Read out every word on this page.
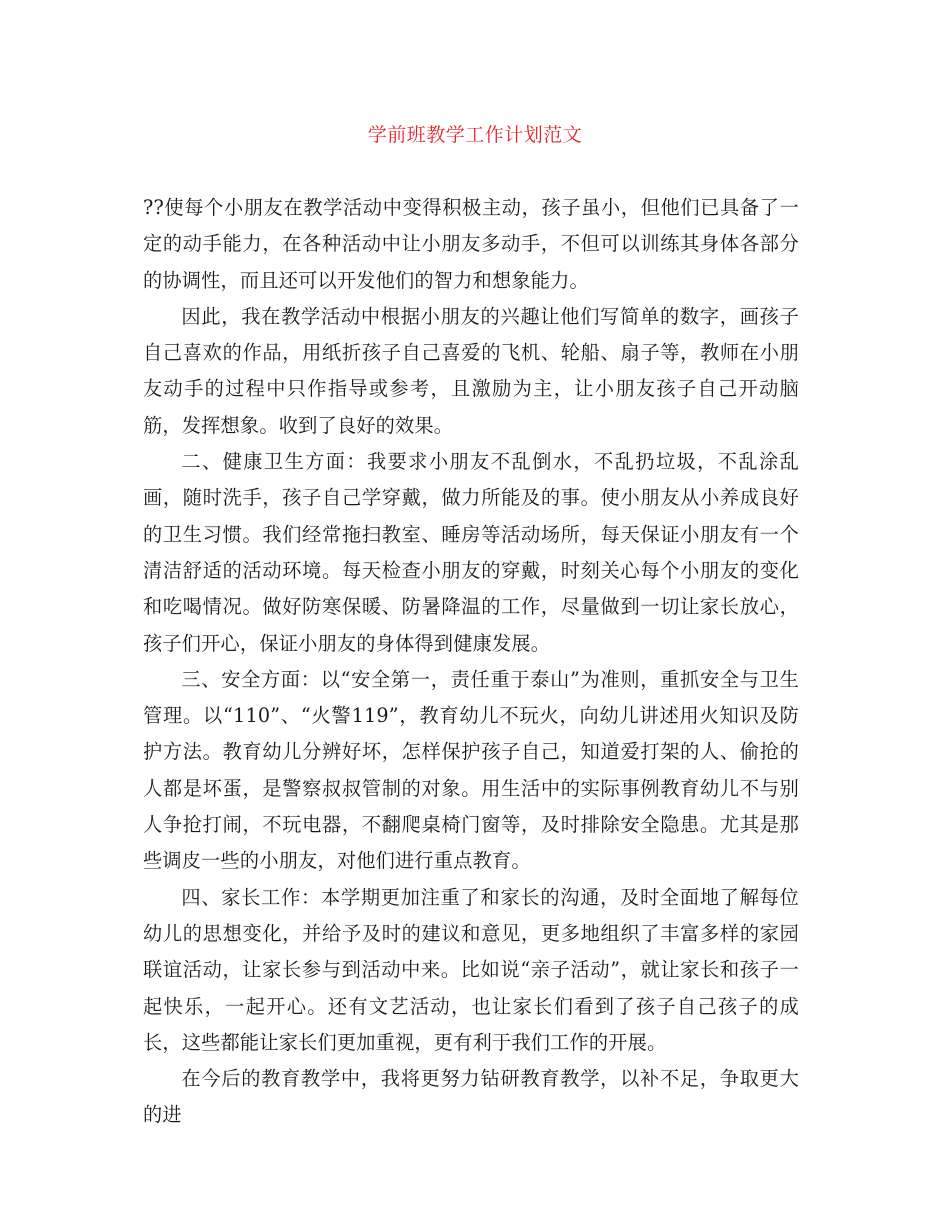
学前班教学工作计划范文

??使每个小朋友在教学活动中变得积极主动，孩子虽小，但他们已具备了一定的动手能力，在各种活动中让小朋友多动手，不但可以训练其身体各部分的协调性，而且还可以开发他们的智力和想象能力。

因此，我在教学活动中根据小朋友的兴趣让他们写简单的数字，画孩子自己喜欢的作品，用纸折孩子自己喜爱的飞机、轮船、扇子等，教师在小朋友动手的过程中只作指导或参考，且激励为主，让小朋友孩子自己开动脑筋，发挥想象。收到了良好的效果。

二、健康卫生方面：我要求小朋友不乱倒水，不乱扔垃圾，不乱涂乱画，随时洗手，孩子自己学穿戴，做力所能及的事。使小朋友从小养成良好的卫生习惯。我们经常拖扫教室、睡房等活动场所，每天保证小朋友有一个清洁舒适的活动环境。每天检查小朋友的穿戴，时刻关心每个小朋友的变化和吃喝情况。做好防寒保暖、防暑降温的工作，尽量做到一切让家长放心，孩子们开心，保证小朋友的身体得到健康发展。

三、安全方面：以“安全第一，责任重于泰山”为准则，重抓安全与卫生管理。以“110”、“火警119”，教育幼儿不玩火，向幼儿讲述用火知识及防护方法。教育幼儿分辨好坏，怎样保护孩子自己，知道爱打架的人、偷抢的人都是坏蛋，是警察叔叔管制的对象。用生活中的实际事例教育幼儿不与别人争抢打闹，不玩电器，不翻爬桌椅门窗等，及时排除安全隐患。尤其是那些调皮一些的小朋友，对他们进行重点教育。

四、家长工作：本学期更加注重了和家长的沟通，及时全面地了解每位幼儿的思想变化，并给予及时的建议和意见，更多地组织了丰富多样的家园联谊活动，让家长参与到活动中来。比如说“亲子活动”，就让家长和孩子一起快乐，一起开心。还有文艺活动，也让家长们看到了孩子自己孩子的成长，这些都能让家长们更加重视，更有利于我们工作的开展。

在今后的教育教学中，我将更努力钻研教育教学，以补不足，争取更大的进
